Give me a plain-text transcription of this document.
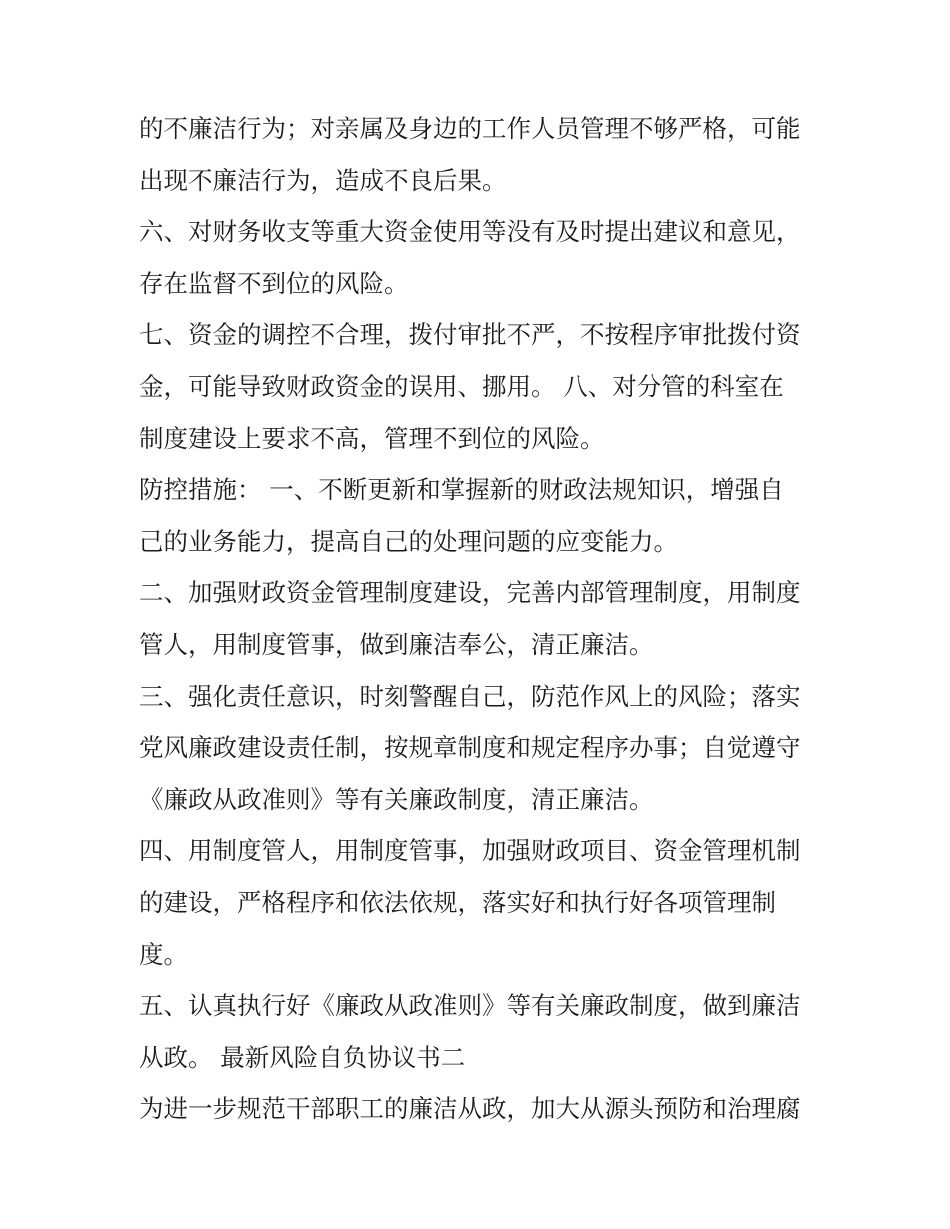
的不廉洁行为；对亲属及身边的工作人员管理不够严格，可能
出现不廉洁行为，造成不良后果。
六、对财务收支等重大资金使用等没有及时提出建议和意见，
存在监督不到位的风险。
七、资金的调控不合理，拨付审批不严，不按程序审批拨付资
金，可能导致财政资金的误用、挪用。 八、对分管的科室在
制度建设上要求不高，管理不到位的风险。
防控措施： 一、不断更新和掌握新的财政法规知识，增强自
己的业务能力，提高自己的处理问题的应变能力。
二、加强财政资金管理制度建设，完善内部管理制度，用制度
管人，用制度管事，做到廉洁奉公，清正廉洁。
三、强化责任意识，时刻警醒自己，防范作风上的风险；落实
党风廉政建设责任制，按规章制度和规定程序办事；自觉遵守
《廉政从政准则》等有关廉政制度，清正廉洁。
四、用制度管人，用制度管事，加强财政项目、资金管理机制
的建设，严格程序和依法依规，落实好和执行好各项管理制
度。
五、认真执行好《廉政从政准则》等有关廉政制度，做到廉洁
从政。 最新风险自负协议书二
为进一步规范干部职工的廉洁从政，加大从源头预防和治理腐
